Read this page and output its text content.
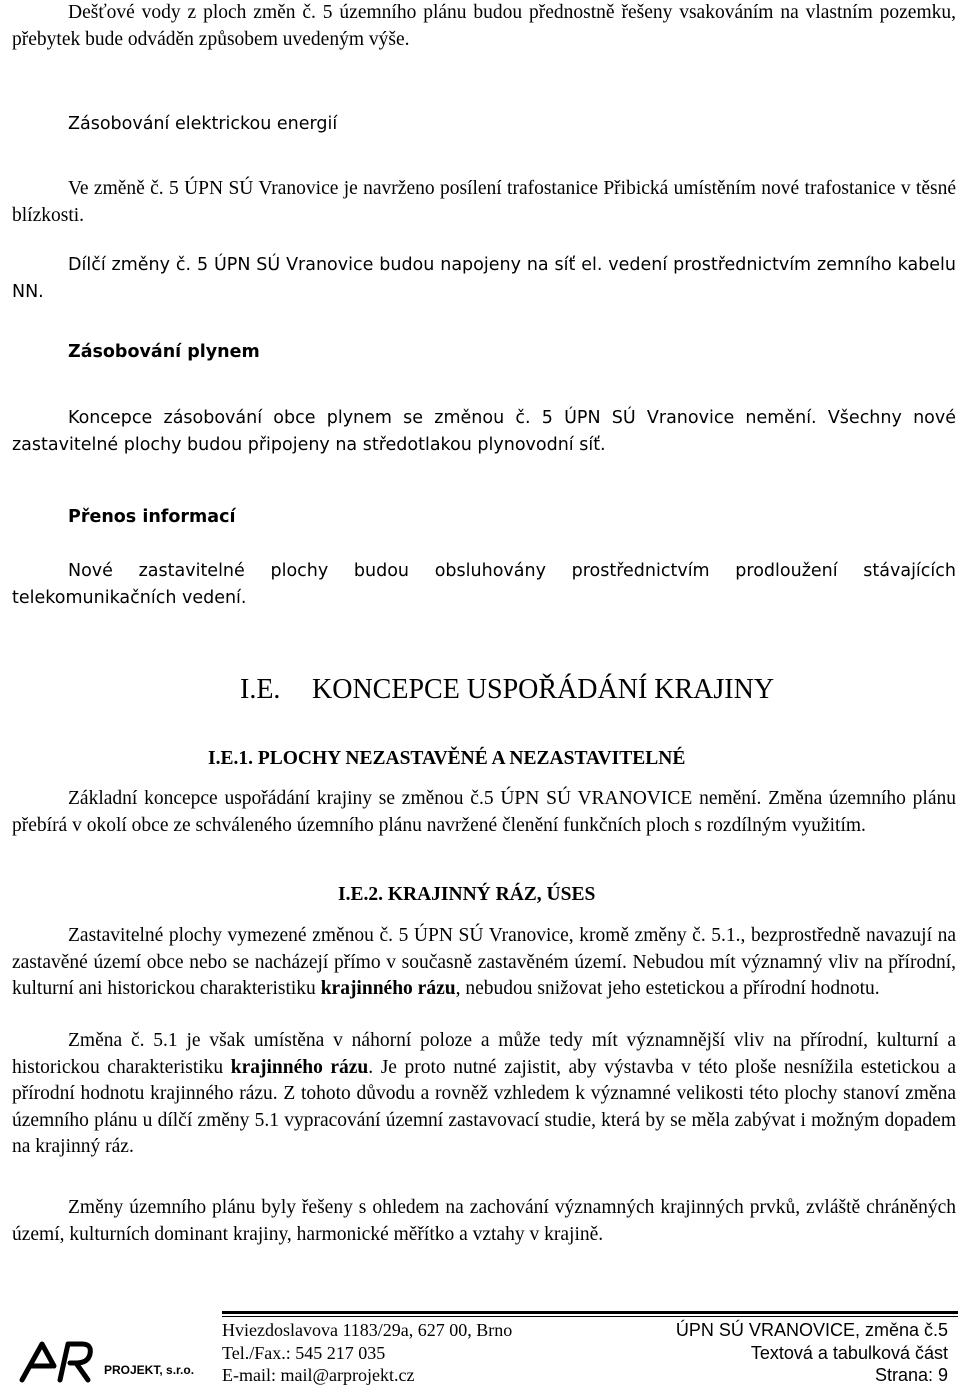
Dešťové vody z ploch změn č. 5 územního plánu budou přednostně řešeny vsakováním na vlastním pozemku, přebytek bude odváděn způsobem uvedeným výše.
Zásobování elektrickou energií
Ve změně č. 5 ÚPN SÚ Vranovice je navrženo posílení trafostanice Přibická umístěním nové trafostanice v těsné blízkosti.
Dílčí změny č. 5 ÚPN SÚ Vranovice budou napojeny na síť el. vedení prostřednictvím zemního kabelu NN.
Zásobování plynem
Koncepce zásobování obce plynem se změnou č. 5 ÚPN SÚ Vranovice nemění. Všechny nové zastavitelné plochy budou připojeny na středotlakou plynovodní síť.
Přenos informací
Nové zastavitelné plochy budou obsluhovány prostřednictvím prodloužení stávajících telekomunikačních vedení.
I.E. KONCEPCE USPOŘÁDÁNÍ KRAJINY
I.E.1. PLOCHY NEZASTAVĚNÉ A NEZASTAVITELNÉ
Základní koncepce uspořádání krajiny se změnou č.5 ÚPN SÚ VRANOVICE nemění. Změna územního plánu přebírá v okolí obce ze schváleného územního plánu navržené členění funkčních ploch s rozdílným využitím.
I.E.2. KRAJINNÝ RÁZ, ÚSES
Zastavitelné plochy vymezené změnou č. 5 ÚPN SÚ Vranovice, kromě změny č. 5.1., bezprostředně navazují na zastavěné území obce nebo se nacházejí přímo v současně zastavěném území. Nebudou mít významný vliv na přírodní, kulturní ani historickou charakteristiku krajinného rázu, nebudou snižovat jeho estetickou a přírodní hodnotu.
Změna č. 5.1 je však umístěna v náhorní poloze a může tedy mít významnější vliv na přírodní, kulturní a historickou charakteristiku krajinného rázu. Je proto nutné zajistit, aby výstavba v této ploše nesnížila estetickou a přírodní hodnotu krajinného rázu. Z tohoto důvodu a rovněž vzhledem k významné velikosti této plochy stanoví změna územního plánu u dílčí změny 5.1 vypracování územní zastavovací studie, která by se měla zabývat i možným dopadem na krajinný ráz.
Změny územního plánu byly řešeny s ohledem na zachování významných krajinných prvků, zvláště chráněných území, kulturních dominant krajiny, harmonické měřítko a vztahy v krajině.
PROJEKT, s.r.o.
Hviezdoslavova 1183/29a, 627 00, Brno
Tel./Fax.: 545 217 035
E-mail: mail@arprojekt.cz
ÚPN SÚ VRANOVICE, změna č.5
Textová a tabulková část
Strana: 9
